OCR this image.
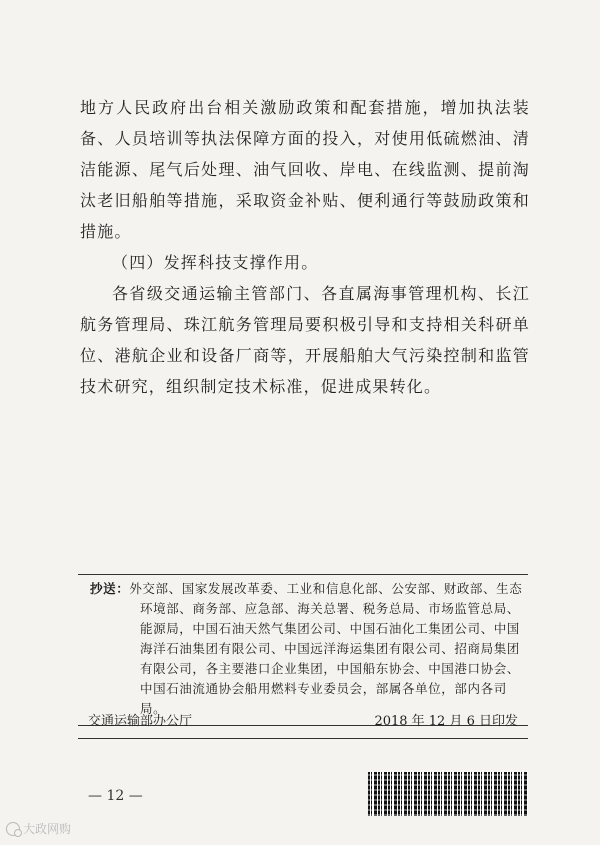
地方人民政府出台相关激励政策和配套措施，增加执法装备、人员培训等执法保障方面的投入，对使用低硫燃油、清洁能源、尾气后处理、油气回收、岸电、在线监测、提前淘汰老旧船舶等措施，采取资金补贴、便利通行等鼓励政策和措施。

（四）发挥科技支撑作用。

各省级交通运输主管部门、各直属海事管理机构、长江航务管理局、珠江航务管理局要积极引导和支持相关科研单位、港航企业和设备厂商等，开展船舶大气污染控制和监管技术研究，组织制定技术标准，促进成果转化。

抄送：外交部、国家发展改革委、工业和信息化部、公安部、财政部、生态环境部、商务部、应急部、海关总署、税务总局、市场监管总局、能源局，中国石油天然气集团公司、中国石油化工集团公司、中国海洋石油集团有限公司、中国远洋海运集团有限公司、招商局集团有限公司，各主要港口企业集团，中国船东协会、中国港口协会、中国石油流通协会船用燃料专业委员会，部属各单位，部内各司局。

交通运输部办公厅	2018 年 12 月 6 日印发
— 12 —
大政网购
